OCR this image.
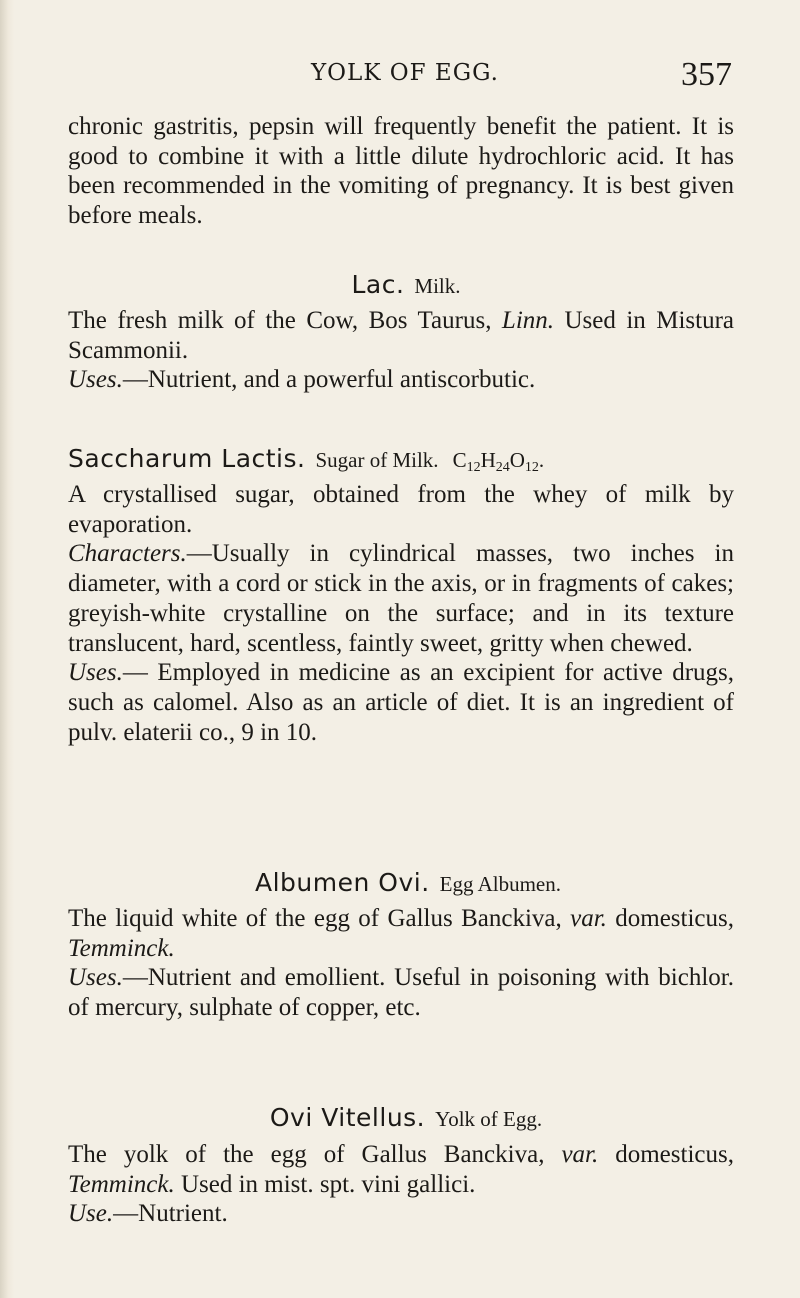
YOLK OF EGG.	357

chronic gastritis, pepsin will frequently benefit the patient. It is good to combine it with a little dilute hydrochloric acid. It has been recommended in the vomiting of pregnancy. It is best given before meals.

Lac. Milk.

The fresh milk of the Cow, Bos Taurus, Linn. Used in Mistura Scammonii.

Uses.—Nutrient, and a powerful antiscorbutic.

Saccharum Lactis. Sugar of Milk. $C_{12}H_{24}O_{12}$.

A crystallised sugar, obtained from the whey of milk by evaporation.

Characters.—Usually in cylindrical masses, two inches in diameter, with a cord or stick in the axis, or in fragments of cakes; greyish-white crystalline on the surface; and in its texture translucent, hard, scentless, faintly sweet, gritty when chewed.

Uses.— Employed in medicine as an excipient for active drugs, such as calomel. Also as an article of diet. It is an ingredient of pulv. elaterii co., 9 in 10.

Albumen Ovi. Egg Albumen.

The liquid white of the egg of Gallus Banckiva, var. domesticus, Temminck.

Uses.—Nutrient and emollient. Useful in poisoning with bichlor. of mercury, sulphate of copper, etc.

Ovi Vitellus. Yolk of Egg.

The yolk of the egg of Gallus Banckiva, var. domesticus, Temminck. Used in mist. spt. vini gallici.

Use.—Nutrient.
